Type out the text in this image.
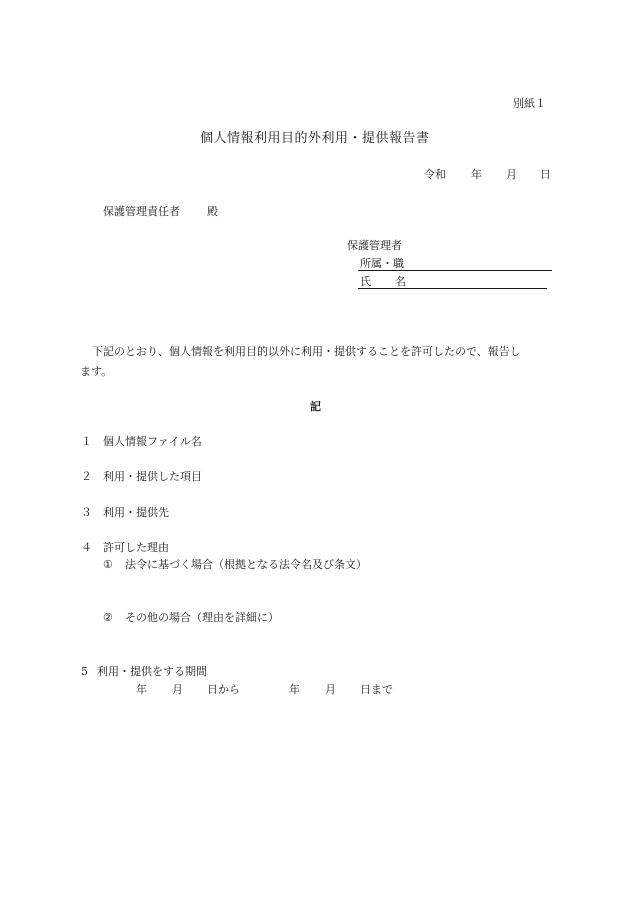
別紙１
個人情報利用目的外利用・提供報告書
令和 年 月 日
保護管理責任者 殿
保護管理者
所属・職
氏 名
下記のとおり、個人情報を利用目的以外に利用・提供することを許可したので、報告し
ます。
記
１ 個人情報ファイル名
２ 利用・提供した項目
３ 利用・提供先
４ 許可した理由
① 法令に基づく場合（根拠となる法令名及び条文）
② その他の場合（理由を詳細に）
5 利用・提供をする期間
年 月 日から	年 月 日まで
